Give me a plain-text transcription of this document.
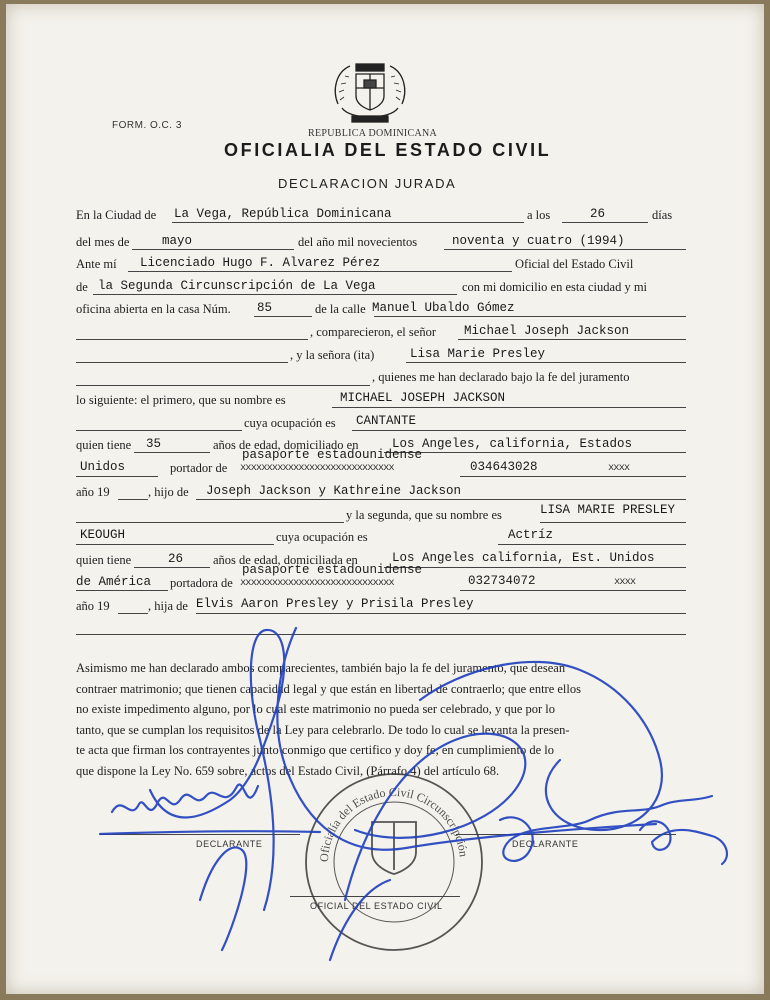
FORM. O.C. 3
REPUBLICA DOMINICANA
OFICIALIA DEL ESTADO CIVIL
DECLARACION JURADA
En la Ciudad de La Vega, República Dominicana	a los	26	días
del mes de	mayo	del año mil novecientos	noventa y cuatro (1994)
Ante mí Licenciado Hugo F. Alvarez Pérez	Oficial del Estado Civil
de la Segunda Circunscripción de La Vega	con mi domicilio en esta ciudad y mi
oficina abierta en la casa Núm. 85	de la calle Manuel Ubaldo Gómez
, comparecieron, el señor Michael Joseph Jackson
, y la señora (ita)	Lisa Marie Presley
, quienes me han declarado bajo la fe del juramento
lo siguiente: el primero, que su nombre es	MICHAEL JOSEPH JACKSON
cuya ocupación es CANTANTE
quien tiene 35	años de edad, domiciliado en	Los Angeles, california, Estados
Unidos	portador de
pasaporte estadounidense
xxxxxxxxxxxxxxxxxxxxxxxxxxxxx	034643028	xxxx
año 19	, hijo de Joseph Jackson y Kathreine Jackson
y la segunda, que su nombre es	LISA MARIE PRESLEY
KEOUGH	cuya ocupación es	Actríz
quien tiene	26 años de edad, domiciliada en	Los Angeles california, Est. Unidos
de América portadora de
pasaporte estadounidense
xxxxxxxxxxxxxxxxxxxxxxxxxxxxx	032734072	xxxx
año 19	, hija de Elvis Aaron Presley y Prisila Presley
Asimismo me han declarado ambos comparecientes, también bajo la fe del juramento, que desean
contraer matrimonio; que tienen capacidad legal y que están en libertad de contraerlo; que entre ellos
no existe impedimento alguno, por lo cual este matrimonio no pueda ser celebrado, y que por lo
tanto, que se cumplan los requisitos de la Ley para celebrarlo. De todo lo cual se levanta la presen-
te acta que firman los contrayentes junto conmigo que certifico y doy fe, en cumplimiento de lo
que dispone la Ley No. 659 sobre, actos del Estado Civil, (Párrafo 4) del artículo 68.
DECLARANTE	DECLARANTE
OFICIAL DEL ESTADO CIVIL
Oficialía del Estado Civil Circunscripción
